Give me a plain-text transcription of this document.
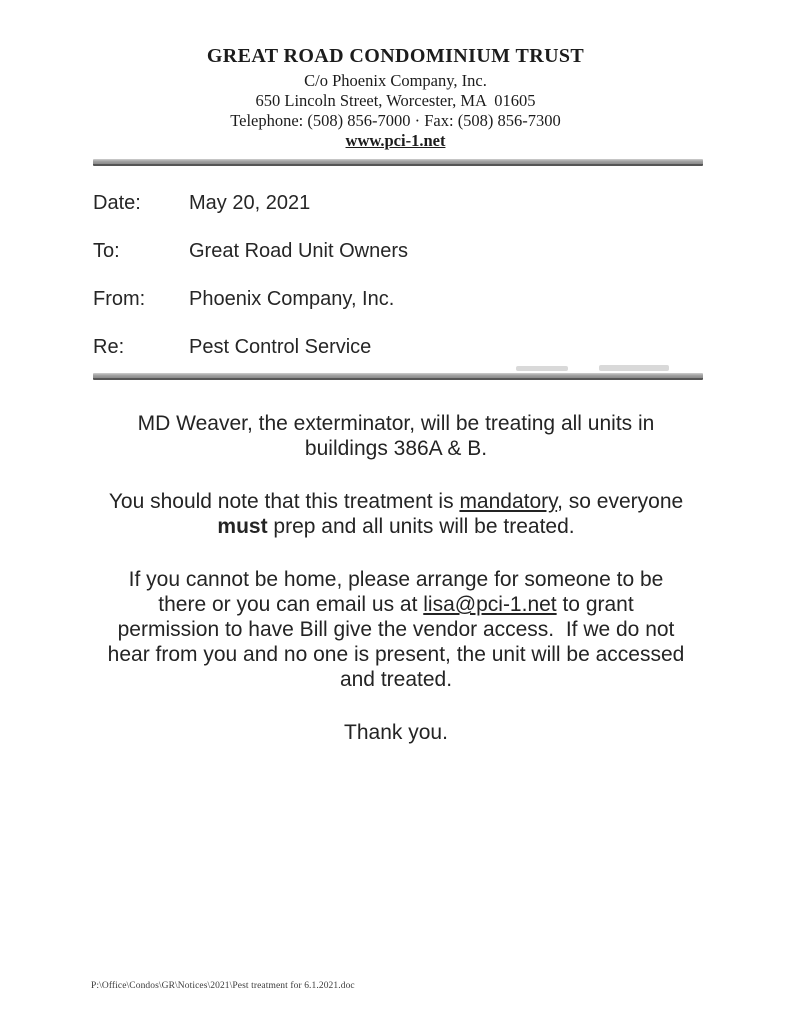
GREAT ROAD CONDOMINIUM TRUST
C/o Phoenix Company, Inc.
650 Lincoln Street, Worcester, MA  01605
Telephone: (508) 856-7000 · Fax: (508) 856-7300
www.pci-1.net
Date:	May 20, 2021
To:	Great Road Unit Owners
From:	Phoenix Company, Inc.
Re:	Pest Control Service
MD Weaver, the exterminator, will be treating all units in
buildings 386A & B.
You should note that this treatment is mandatory, so everyone
must prep and all units will be treated.
If you cannot be home, please arrange for someone to be
there or you can email us at lisa@pci-1.net to grant
permission to have Bill give the vendor access.  If we do not
hear from you and no one is present, the unit will be accessed
and treated.
Thank you.
P:\Office\Condos\GR\Notices\2021\Pest treatment for 6.1.2021.doc
